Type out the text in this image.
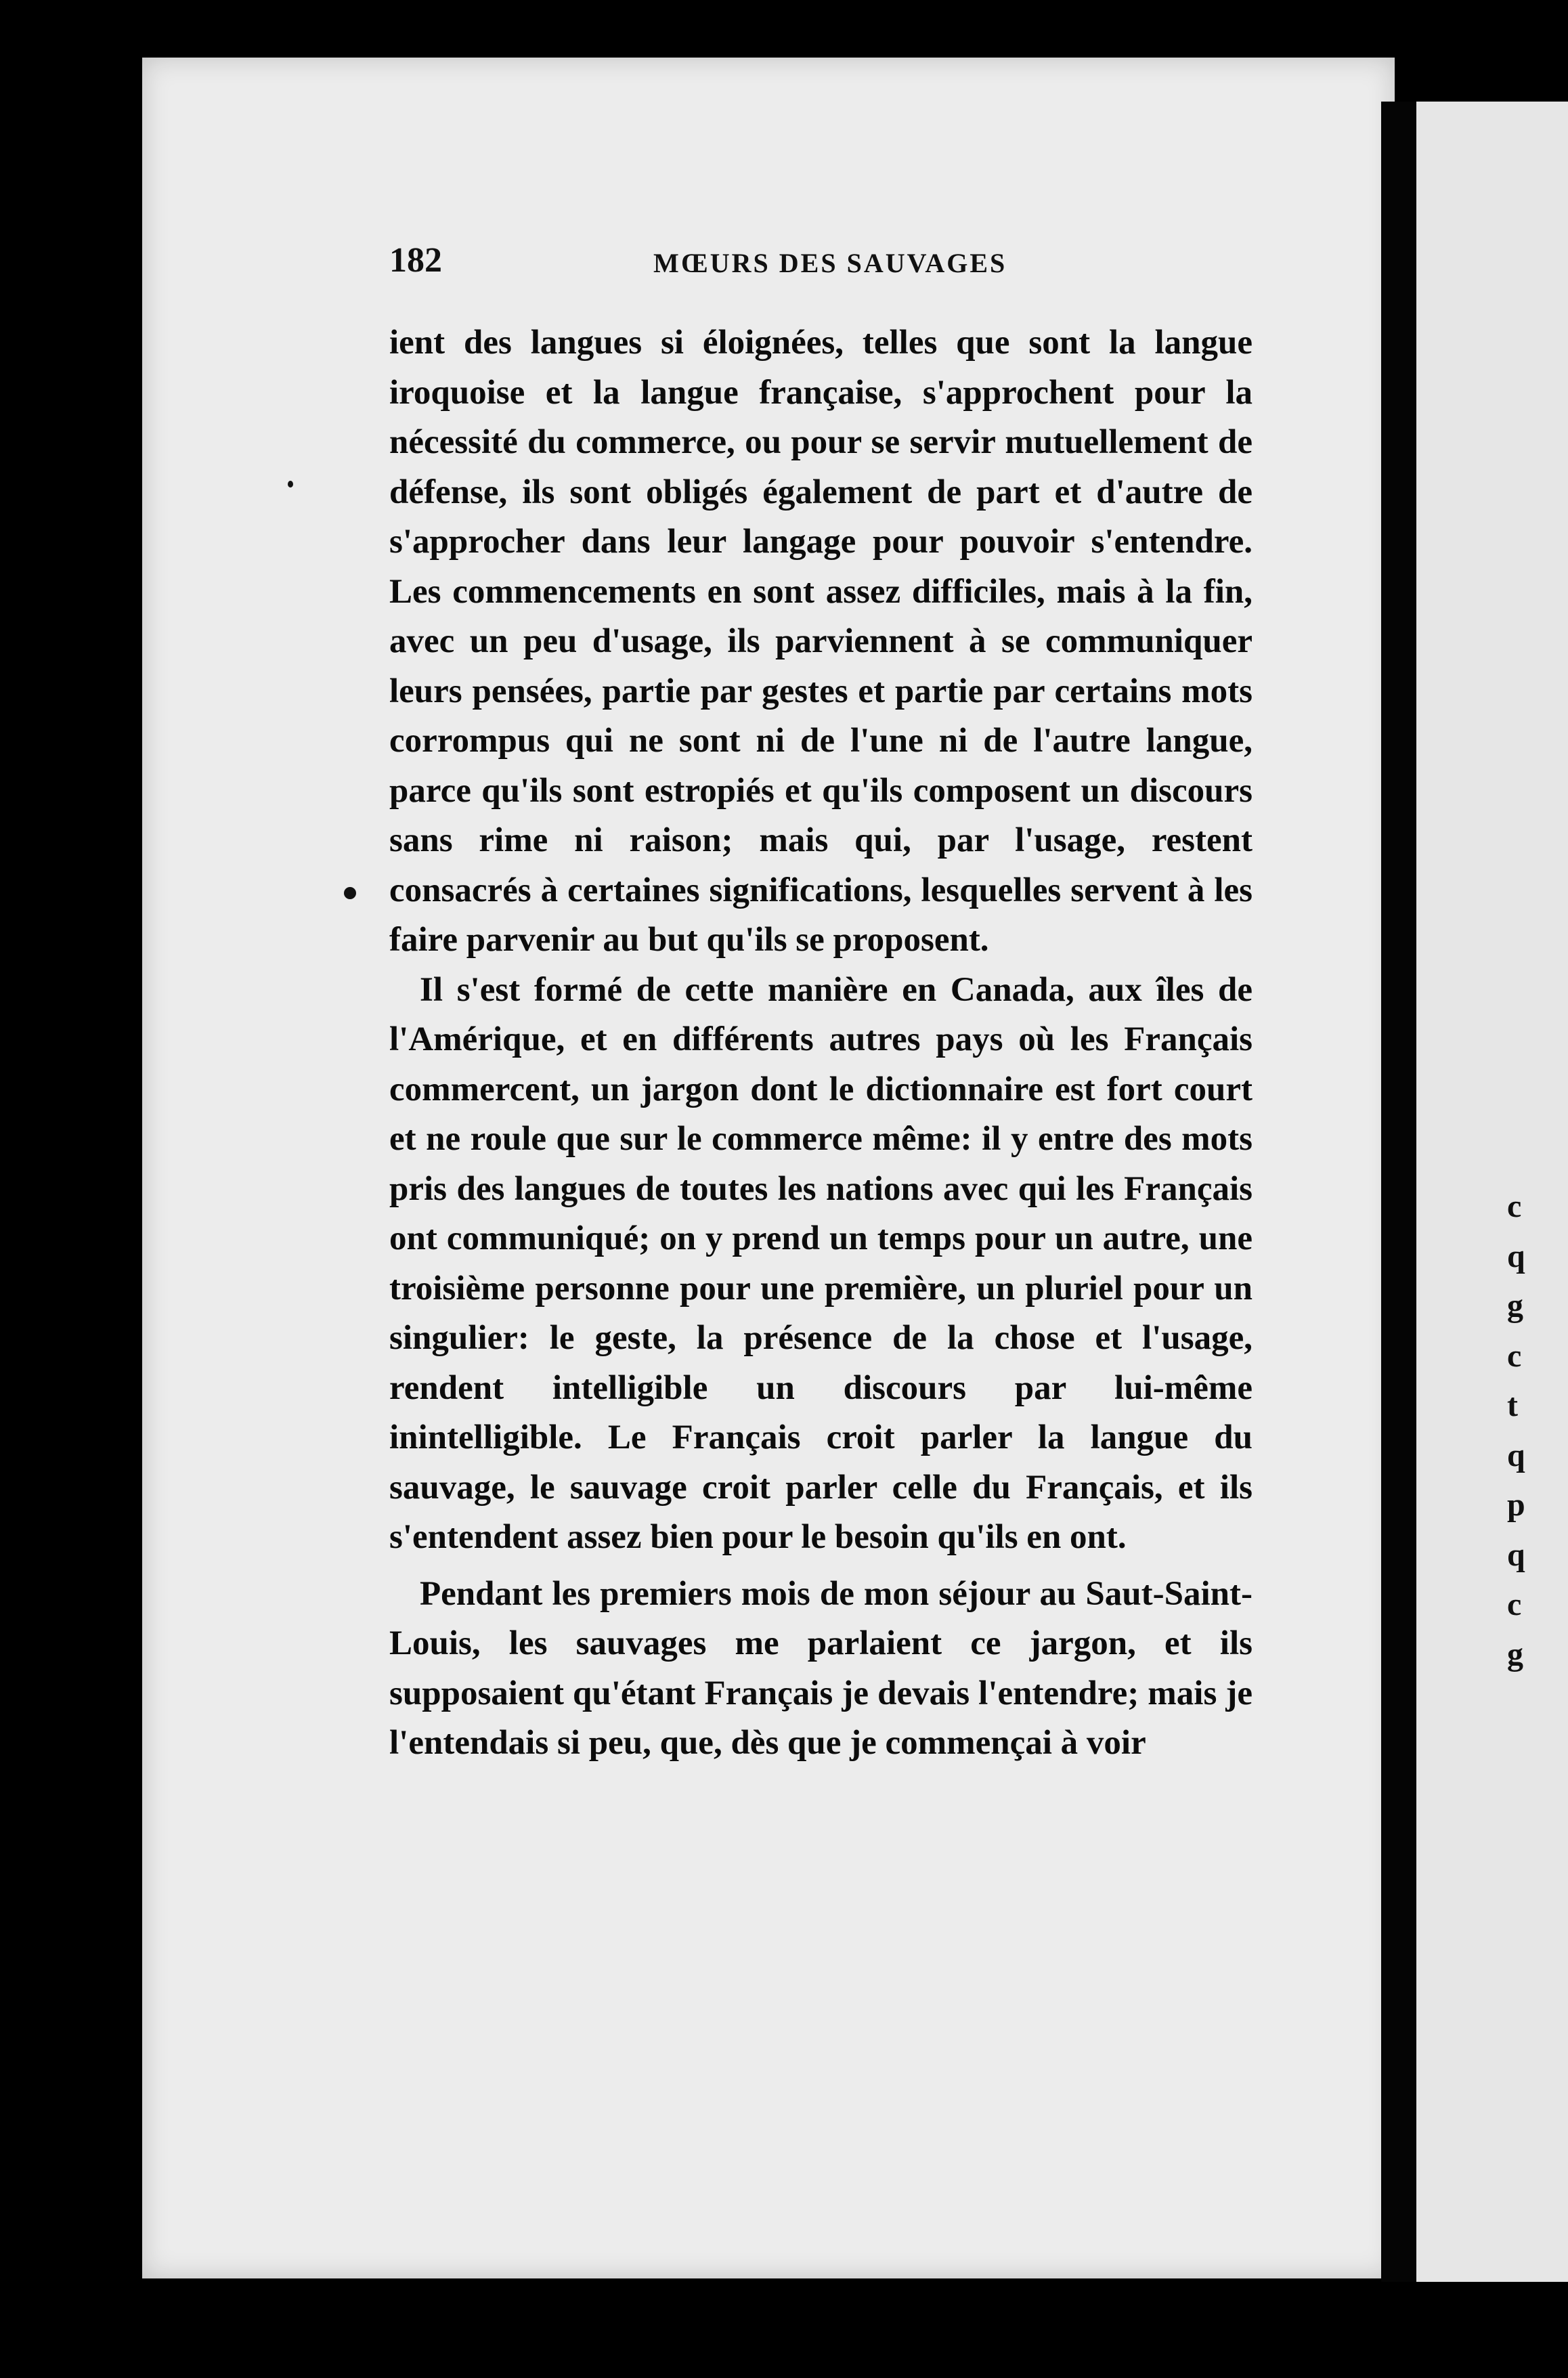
182	MŒURS DES SAUVAGES

ient des langues si éloignées, telles que sont la langue iroquoise et la langue française, s'approchent pour la nécessité du commerce, ou pour se servir mutuellement de défense, ils sont obligés également de part et d'autre de s'approcher dans leur langage pour pouvoir s'entendre. Les commencements en sont assez difficiles, mais à la fin, avec un peu d'usage, ils parviennent à se communiquer leurs pensées, partie par gestes et partie par certains mots corrompus qui ne sont ni de l'une ni de l'autre langue, parce qu'ils sont estropiés et qu'ils composent un discours sans rime ni raison; mais qui, par l'usage, restent consacrés à certaines significations, lesquelles servent à les faire parvenir au but qu'ils se proposent.

Il s'est formé de cette manière en Canada, aux îles de l'Amérique, et en différents autres pays où les Français commercent, un jargon dont le dictionnaire est fort court et ne roule que sur le commerce même: il y entre des mots pris des langues de toutes les nations avec qui les Français ont communiqué; on y prend un temps pour un autre, une troisième personne pour une première, un pluriel pour un singulier: le geste, la présence de la chose et l'usage, rendent intelligible un discours par lui-même inintelligible. Le Français croit parler la langue du sauvage, le sauvage croit parler celle du Français, et ils s'entendent assez bien pour le besoin qu'ils en ont.

Pendant les premiers mois de mon séjour au Saut-Saint-Louis, les sauvages me parlaient ce jargon, et ils supposaient qu'étant Français je devais l'entendre; mais je l'entendais si peu, que, dès que je commençai à voir

c
q
g
c
t
q
p
q
c
g
